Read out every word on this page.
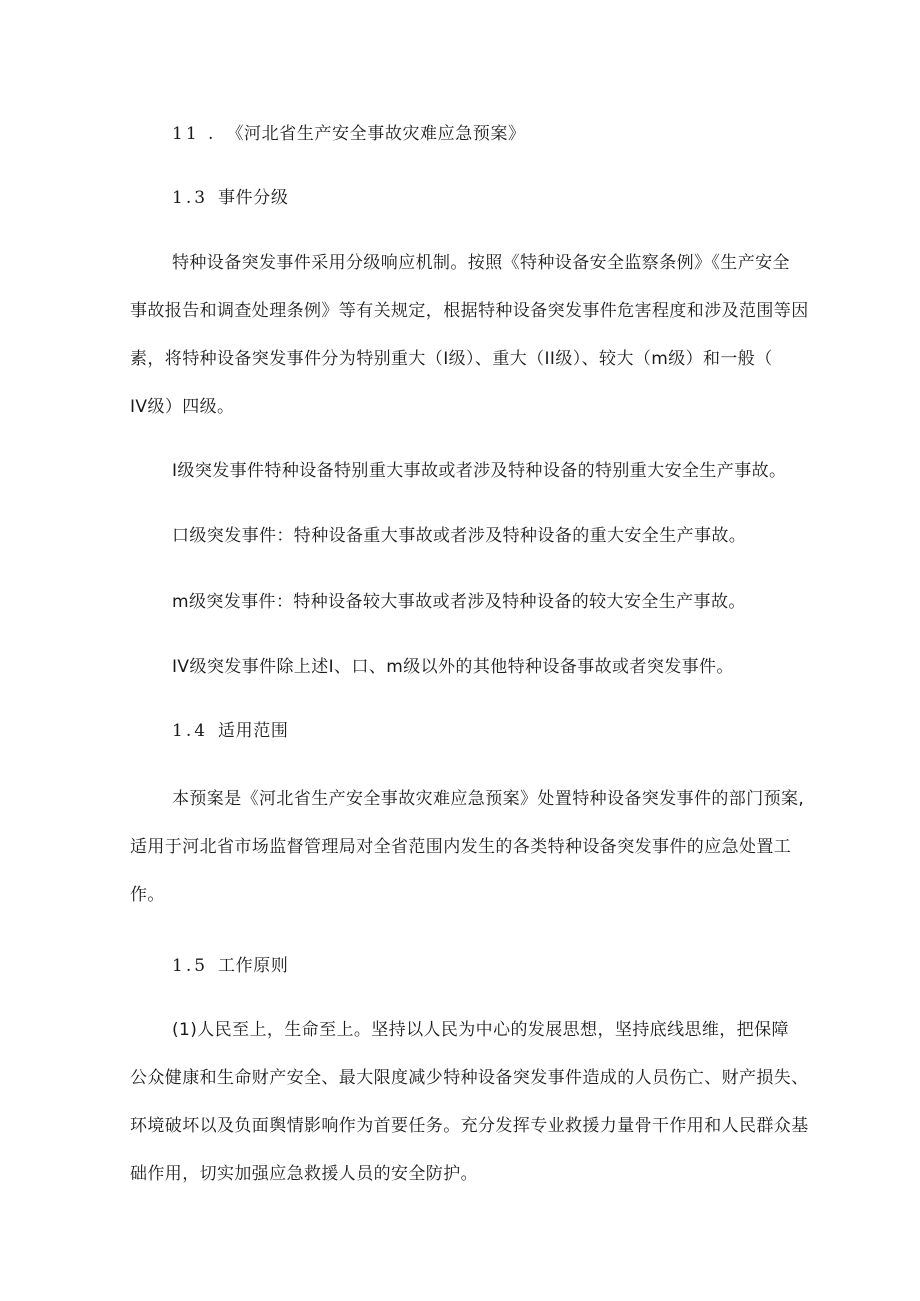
11 . 《河北省生产安全事故灾难应急预案》

1.3 事件分级

特种设备突发事件采用分级响应机制。按照《特种设备安全监察条例》《生产安全

事故报告和调查处理条例》等有关规定，根据特种设备突发事件危害程度和涉及范围等因

素，将特种设备突发事件分为特别重大（I级）、重大（II级）、较大（m级）和一般（

IV级）四级。

I级突发事件特种设备特别重大事故或者涉及特种设备的特别重大安全生产事故。

口级突发事件：特种设备重大事故或者涉及特种设备的重大安全生产事故。

m级突发事件：特种设备较大事故或者涉及特种设备的较大安全生产事故。

IV级突发事件除上述I、口、m级以外的其他特种设备事故或者突发事件。

1.4 适用范围

本预案是《河北省生产安全事故灾难应急预案》处置特种设备突发事件的部门预案,

适用于河北省市场监督管理局对全省范围内发生的各类特种设备突发事件的应急处置工

作。

1.5 工作原则

(1)人民至上，生命至上。坚持以人民为中心的发展思想，坚持底线思维，把保障

公众健康和生命财产安全、最大限度减少特种设备突发事件造成的人员伤亡、财产损失、

环境破坏以及负面舆情影响作为首要任务。充分发挥专业救援力量骨干作用和人民群众基

础作用，切实加强应急救援人员的安全防护。
